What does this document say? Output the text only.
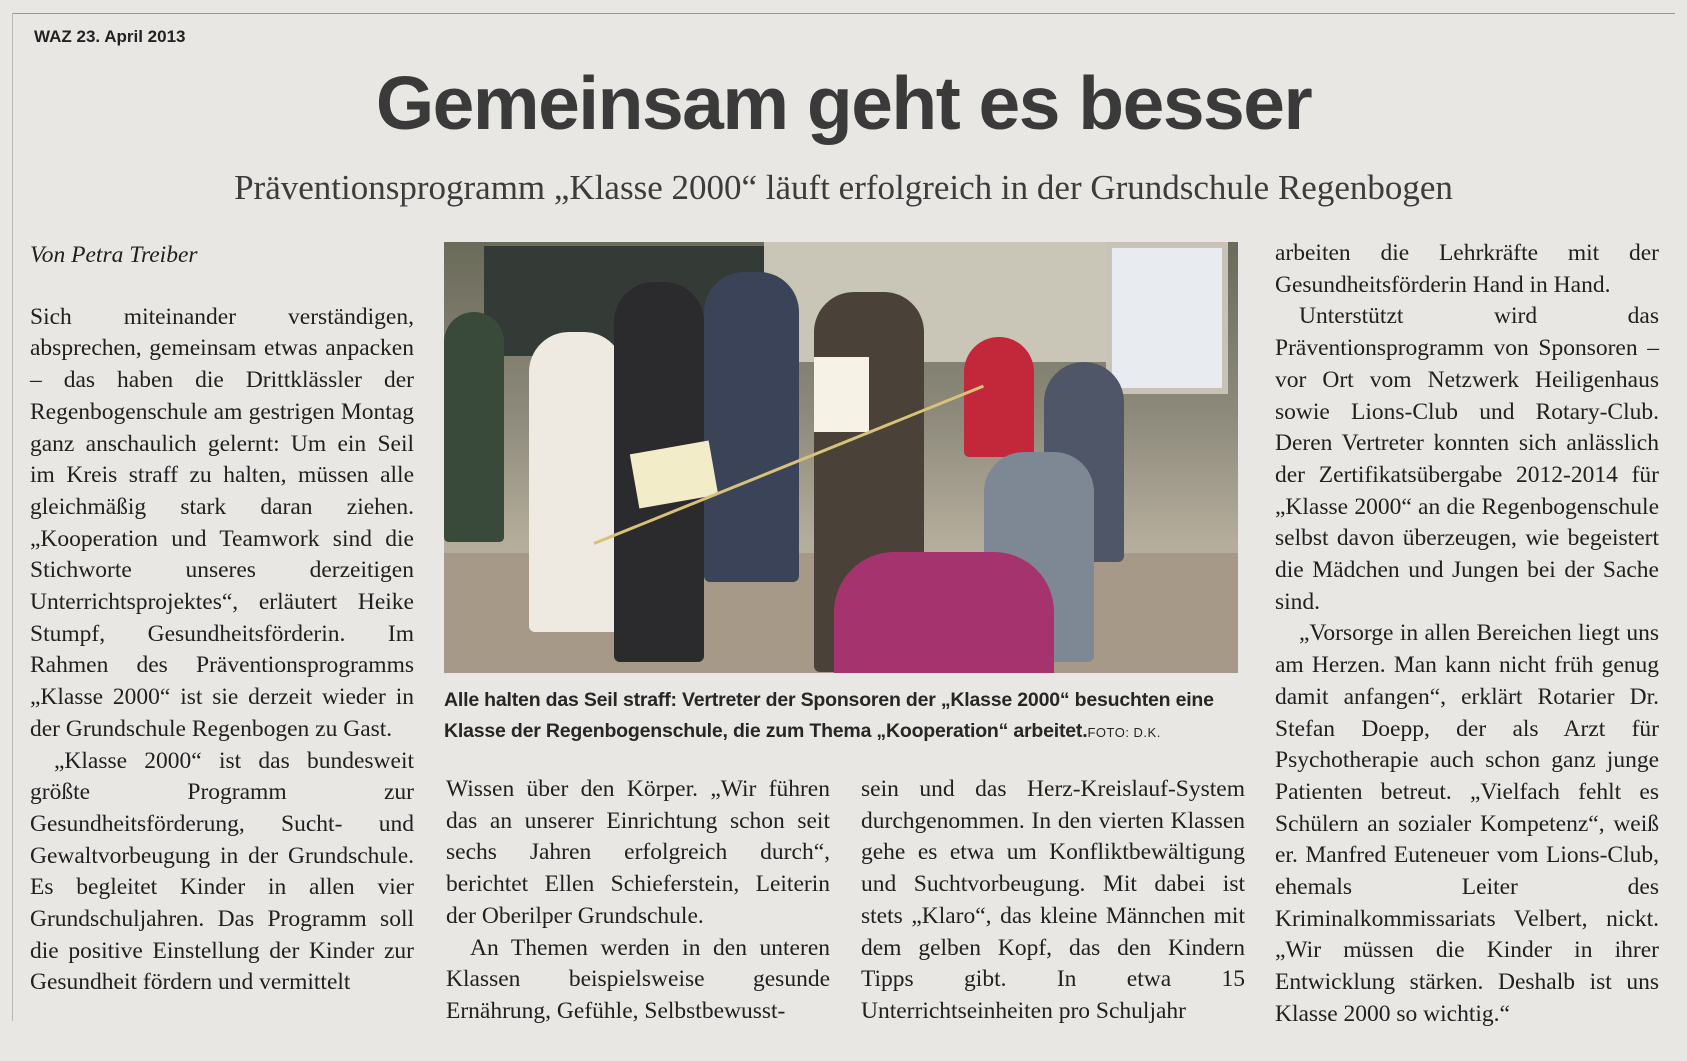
WAZ 23. April 2013
Gemeinsam geht es besser
Präventionsprogramm „Klasse 2000“ läuft erfolgreich in der Grundschule Regenbogen

Von Petra Treiber

Sich miteinander verständigen, absprechen, gemeinsam etwas anpacken – das haben die Drittklässler der Regenbogenschule am gestrigen Montag ganz anschaulich gelernt: Um ein Seil im Kreis straff zu halten, müssen alle gleichmäßig stark daran ziehen. „Kooperation und Teamwork sind die Stichworte unseres derzeitigen Unterrichtsprojektes“, erläutert Heike Stumpf, Gesundheitsförderin. Im Rahmen des Präventionsprogramms „Klasse 2000“ ist sie derzeit wieder in der Grundschule Regenbogen zu Gast.

„Klasse 2000“ ist das bundesweit größte Programm zur Gesundheitsförderung, Sucht- und Gewaltvorbeugung in der Grundschule. Es begleitet Kinder in allen vier Grundschuljahren. Das Programm soll die positive Einstellung der Kinder zur Gesundheit fördern und vermittelt

Alle halten das Seil straff: Vertreter der Sponsoren der „Klasse 2000“ besuchten eine Klasse der Regenbogenschule, die zum Thema „Kooperation“ arbeitet.FOTO: D.K.

Wissen über den Körper. „Wir führen das an unserer Einrichtung schon seit sechs Jahren erfolgreich durch“, berichtet Ellen Schieferstein, Leiterin der Oberilper Grundschule.

An Themen werden in den unteren Klassen beispielsweise gesunde Ernährung, Gefühle, Selbstbewusst-

sein und das Herz-Kreislauf-System durchgenommen. In den vierten Klassen gehe es etwa um Konfliktbewältigung und Suchtvorbeugung. Mit dabei ist stets „Klaro“, das kleine Männchen mit dem gelben Kopf, das den Kindern Tipps gibt. In etwa 15 Unterrichtseinheiten pro Schuljahr

arbeiten die Lehrkräfte mit der Gesundheitsförderin Hand in Hand.

Unterstützt wird das Präventionsprogramm von Sponsoren – vor Ort vom Netzwerk Heiligenhaus sowie Lions-Club und Rotary-Club. Deren Vertreter konnten sich anlässlich der Zertifikatsübergabe 2012-2014 für „Klasse 2000“ an die Regenbogenschule selbst davon überzeugen, wie begeistert die Mädchen und Jungen bei der Sache sind.

„Vorsorge in allen Bereichen liegt uns am Herzen. Man kann nicht früh genug damit anfangen“, erklärt Rotarier Dr. Stefan Doepp, der als Arzt für Psychotherapie auch schon ganz junge Patienten betreut. „Vielfach fehlt es Schülern an sozialer Kompetenz“, weiß er. Manfred Euteneuer vom Lions-Club, ehemals Leiter des Kriminalkommissariats Velbert, nickt. „Wir müssen die Kinder in ihrer Entwicklung stärken. Deshalb ist uns Klasse 2000 so wichtig.“
